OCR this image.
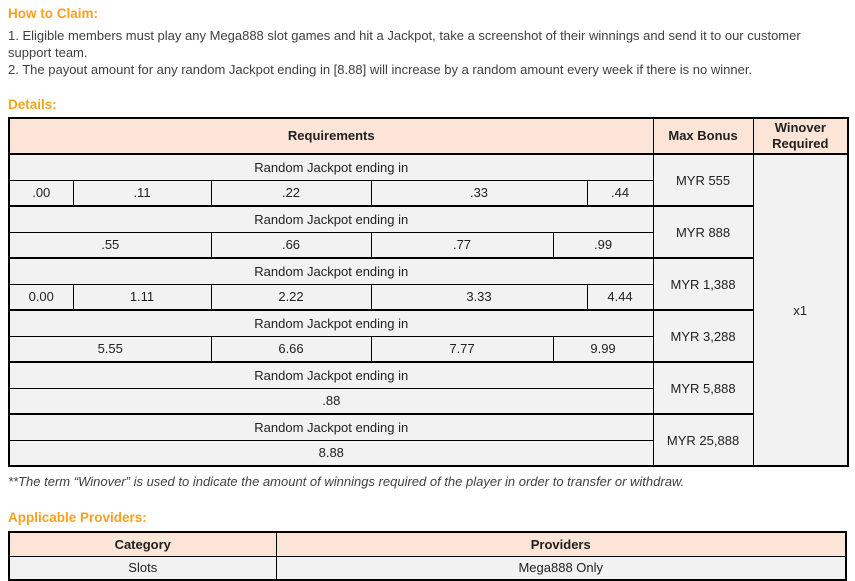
How to Claim:

1. Eligible members must play any Mega888 slot games and hit a Jackpot, take a screenshot of their winnings and send it to our customer support team.

2. The payout amount for any random Jackpot ending in [8.88] will increase by a random amount every week if there is no winner.

Details:
Requirements						Max Bonus	Winover Required
Random Jackpot ending in						MYR 555	x1
.00	.11	.22	.33		.44		
Random Jackpot ending in						MYR 888	
.55		.66	.77	.99			
Random Jackpot ending in						MYR 1,388	
0.00	1.11	2.22	3.33		4.44		
Random Jackpot ending in						MYR 3,288	
5.55		6.66	7.77	9.99			
Random Jackpot ending in						MYR 5,888	
.88							
Random Jackpot ending in						MYR 25,888	
8.88							

**The term “Winover” is used to indicate the amount of winnings required of the player in order to transfer or withdraw.

Applicable Providers:
Category	Providers
Slots	Mega888 Only
